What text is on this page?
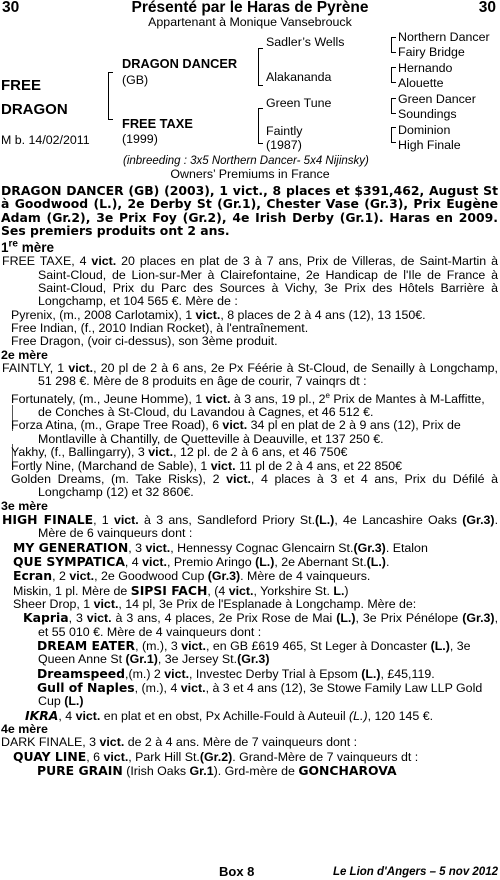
30	Présenté par le Haras de Pyrène	30
Appartenant à Monique Vansebrouck
FREE
DRAGON
M b. 14/02/2011
DRAGON DANCER
(GB)
FREE TAXE
(1999)
Sadler’s Wells
Alakananda
Green Tune
Faintly
(1987)
Northern Dancer
Fairy Bridge
Hernando
Alouette
Green Dancer
Soundings
Dominion
High Finale
(inbreeding : 3x5 Northern Dancer- 5x4 Nijinsky)
Owners’ Premiums in France

DRAGON DANCER (GB) (2003), 1 vict., 8 places et $391,462, August St à Goodwood (L.), 2e Derby St (Gr.1), Chester Vase (Gr.3), Prix Eugène Adam (Gr.2), 3e Prix Foy (Gr.2), 4e Irish Derby (Gr.1). Haras en 2009. Ses premiers produits ont 2 ans.

1re mère

FREE TAXE, 4 vict. 20 places en plat de 3 à 7 ans, Prix de Villeras, de Saint-Martin à Saint-Cloud, de Lion-sur-Mer à Clairefontaine, 2e Handicap de l'Ile de France à Saint-Cloud, Prix du Parc des Sources à Vichy, 3e Prix des Hôtels Barrière à Longchamp, et 104 565 €. Mère de :

Pyrenix, (m., 2008 Carlotamix), 1 vict., 8 places de 2 à 4 ans (12), 13 150€.

Free Indian, (f., 2010 Indian Rocket), à l'entraînement.

Free Dragon, (voir ci-dessus), son 3ème produit.

2e mère

FAINTLY, 1 vict., 20 pl de 2 à 6 ans, 2e Px Féérie à St-Cloud, de Senailly à Longchamp, 51 298 €. Mère de 8 produits en âge de courir, 7 vainqrs dt :

Fortunately, (m., Jeune Homme), 1 vict. à 3 ans, 19 pl., 2e Prix de Mantes à M-Laffitte, de Conches à St-Cloud, du Lavandou à Cagnes, et 46 512 €.

Forza Atina, (m., Grape Tree Road), 6 vict. 34 pl en plat de 2 à 9 ans (12), Prix de Montlaville à Chantilly, de Quetteville à Deauville, et 137 250 €.

Yakhy, (f., Ballingarry), 3 vict., 12 pl. de 2 à 6 ans, et 46 750€

Fortly Nine, (Marchand de Sable), 1 vict. 11 pl de 2 à 4 ans, et 22 850€

Golden Dreams, (m. Take Risks), 2 vict., 4 places à 3 et 4 ans, Prix du Défilé à Longchamp (12) et 32 860€.

3e mère

HIGH FINALE, 1 vict. à 3 ans, Sandleford Priory St.(L.), 4e Lancashire Oaks (Gr.3). Mère de 6 vainqueurs dont :

MY GENERATION, 3 vict., Hennessy Cognac Glencairn St.(Gr.3). Etalon

QUE SYMPATICA, 4 vict., Premio Aringo (L.), 2e Abernant St.(L.).

Ecran, 2 vict., 2e Goodwood Cup (Gr.3). Mère de 4 vainqueurs.

Miskin, 1 pl. Mère de SIPSI FACH, (4 vict., Yorkshire St. L.)

Sheer Drop, 1 vict., 14 pl, 3e Prix de l'Esplanade à Longchamp. Mère de:

Kapria, 3 vict. à 3 ans, 4 places, 2e Prix Rose de Mai (L.), 3e Prix Pénélope (Gr.3), et 55 010 €. Mère de 4 vainqueurs dont :

DREAM EATER, (m.), 3 vict., en GB £619 465, St Leger à Doncaster (L.), 3e Queen Anne St (Gr.1), 3e Jersey St.(Gr.3)

Dreamspeed,(m.) 2 vict., Investec Derby Trial à Epsom (L.), £45,119.

Gull of Naples, (m.), 4 vict., à 3 et 4 ans (12), 3e Stowe Family Law LLP Gold Cup (L.)

IKRA, 4 vict. en plat et en obst, Px Achille-Fould à Auteuil (L.), 120 145 €.

4e mère

DARK FINALE, 3 vict. de 2 à 4 ans. Mère de 7 vainqueurs dont :

QUAY LINE, 6 vict., Park Hill St.(Gr.2). Grand-Mère de 7 vainqueurs dt :

PURE GRAIN (Irish Oaks Gr.1). Grd-mère de GONCHAROVA

Box 8	Le Lion d'Angers – 5 nov 2012
